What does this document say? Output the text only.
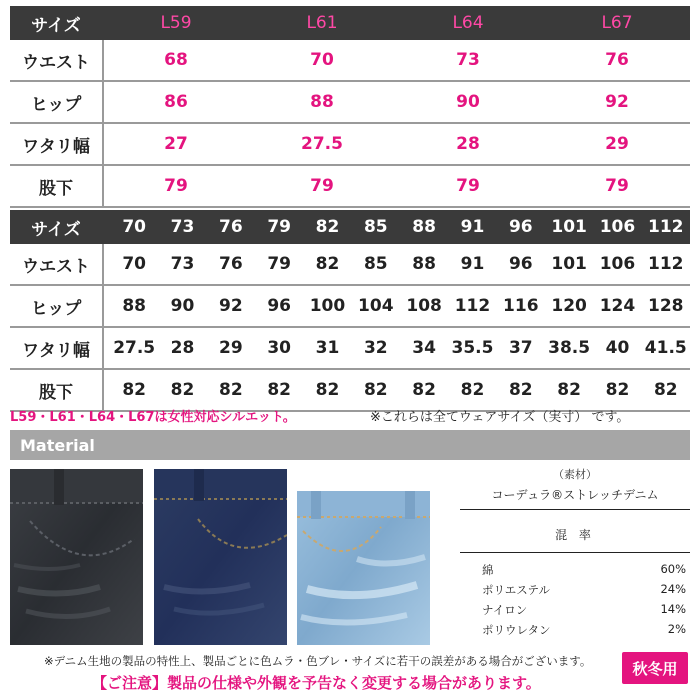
サイズ	L59	L61	L64	L67
ウエスト	68	70	73	76
ヒップ	86	88	90	92
ワタリ幅	27	27.5	28	29
股下	79	79	79	79
サイズ	70	73	76	79	82	85	88	91	96	101 106 112
ウエスト	70	73	76	79	82	85	88	91	96	101 106 112
ヒップ	88	90	92	96	100 104 108 112 116 120 124 128
ワタリ幅	27.5 28	29	30	31	32	34 35.5 37 38.5 40 41.5
股下	82	82	82	82	82	82	82	82	82	82	82	82
L59・L61・L64・L67は女性対応シルエット。	※これらは全てウェアサイズ（実寸） です。
Material
（素材）
コーデュラ®ストレッチデニム
混 率
綿	60%
ポリエステル	24%
ナイロン	14%
ポリウレタン	2%
※デニム生地の製品の特性上、製品ごとに色ムラ・色ブレ・サイズに若干の誤差がある場合がございます。
【ご注意】製品の仕様や外観を予告なく変更する場合があります。
秋冬用
